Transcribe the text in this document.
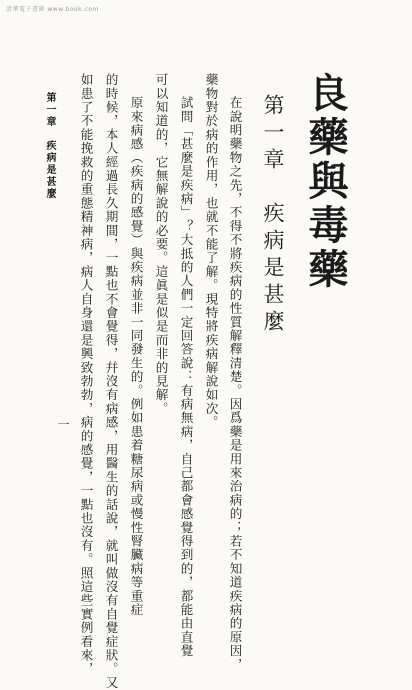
清華電子書庫 www.book.com
良藥與毒藥
第一章　疾病是甚麼
在說明藥物之先，不得不將疾病的性質解釋清楚。因爲藥是用來治病的；若不知道疾病的原因，
藥物對於病的作用，也就不能了解。現特將疾病解說如次。
試問「甚麼是疾病」？大抵的人們一定回答說：有病無病，自己都會感覺得到的，都能由直覺
可以知道的，它無解說的必要。這眞是似是而非的見解。
原來病感（疾病的感覺）與疾病並非一同發生的。例如患着糖尿病或慢性腎臟病等重症
的時候，本人經過長久期間，一點也不會覺得，幷沒有病感，用醫生的話說，就叫做沒有自覺症狀。又
如患了不能挽救的重態精神病，病人自身還是興致勃勃，病的感覺，一點也沒有。照這些實例看來，
第一章　疾病是甚麼
一
